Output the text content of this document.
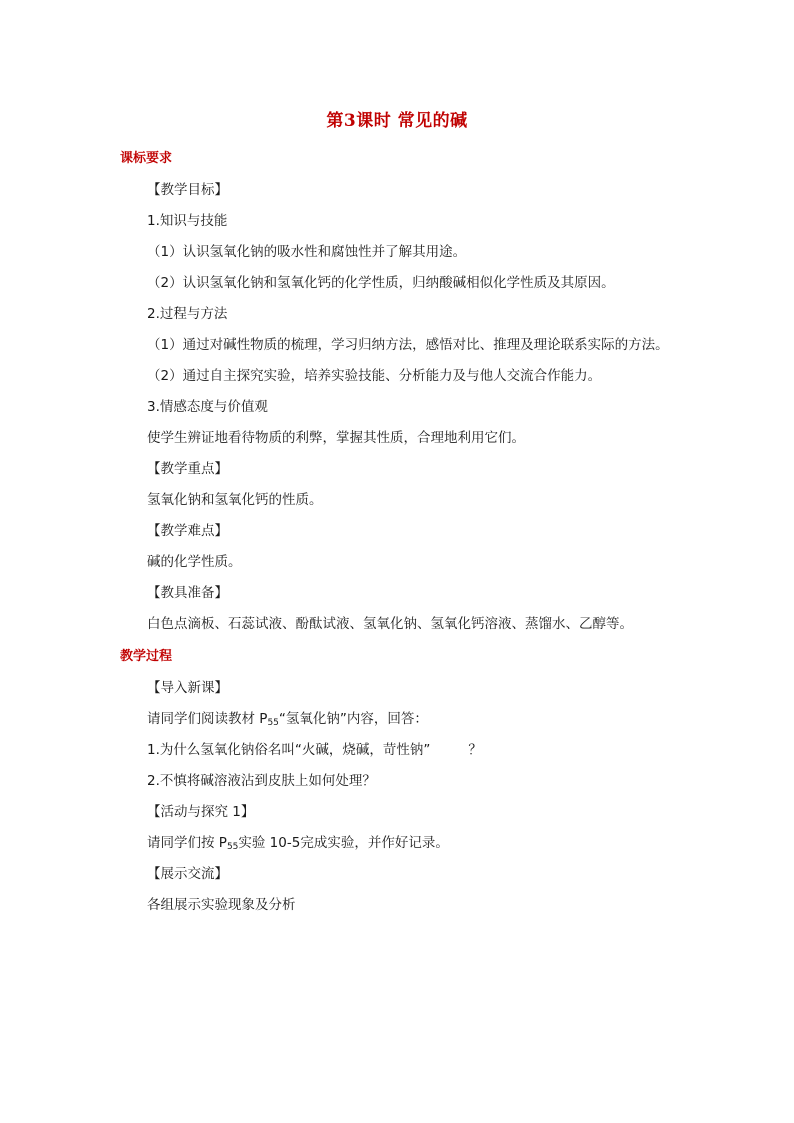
第3课时 常见的碱
课标要求
【教学目标】
1.知识与技能
（1）认识氢氧化钠的吸水性和腐蚀性并了解其用途。
（2）认识氢氧化钠和氢氧化钙的化学性质，归纳酸碱相似化学性质及其原因。
2.过程与方法
（1）通过对碱性物质的梳理，学习归纳方法，感悟对比、推理及理论联系实际的方法。
（2）通过自主探究实验，培养实验技能、分析能力及与他人交流合作能力。
3.情感态度与价值观
使学生辨证地看待物质的利弊，掌握其性质，合理地利用它们。
【教学重点】
氢氧化钠和氢氧化钙的性质。
【教学难点】
碱的化学性质。
【教具准备】
白色点滴板、石蕊试液、酚酞试液、氢氧化钠、氢氧化钙溶液、蒸馏水、乙醇等。
教学过程
【导入新课】
请同学们阅读教材 $P_{55}“$氢氧化钠”内容，回答：
1.为什么氢氧化钠俗名叫“火碱，烧碱，苛性钠”	？
2.不慎将碱溶液沾到皮肤上如何处理？
【活动与探究 1】
请同学们按 $P_{55}$实验 10-5完成实验，并作好记录。
【展示交流】
各组展示实验现象及分析
